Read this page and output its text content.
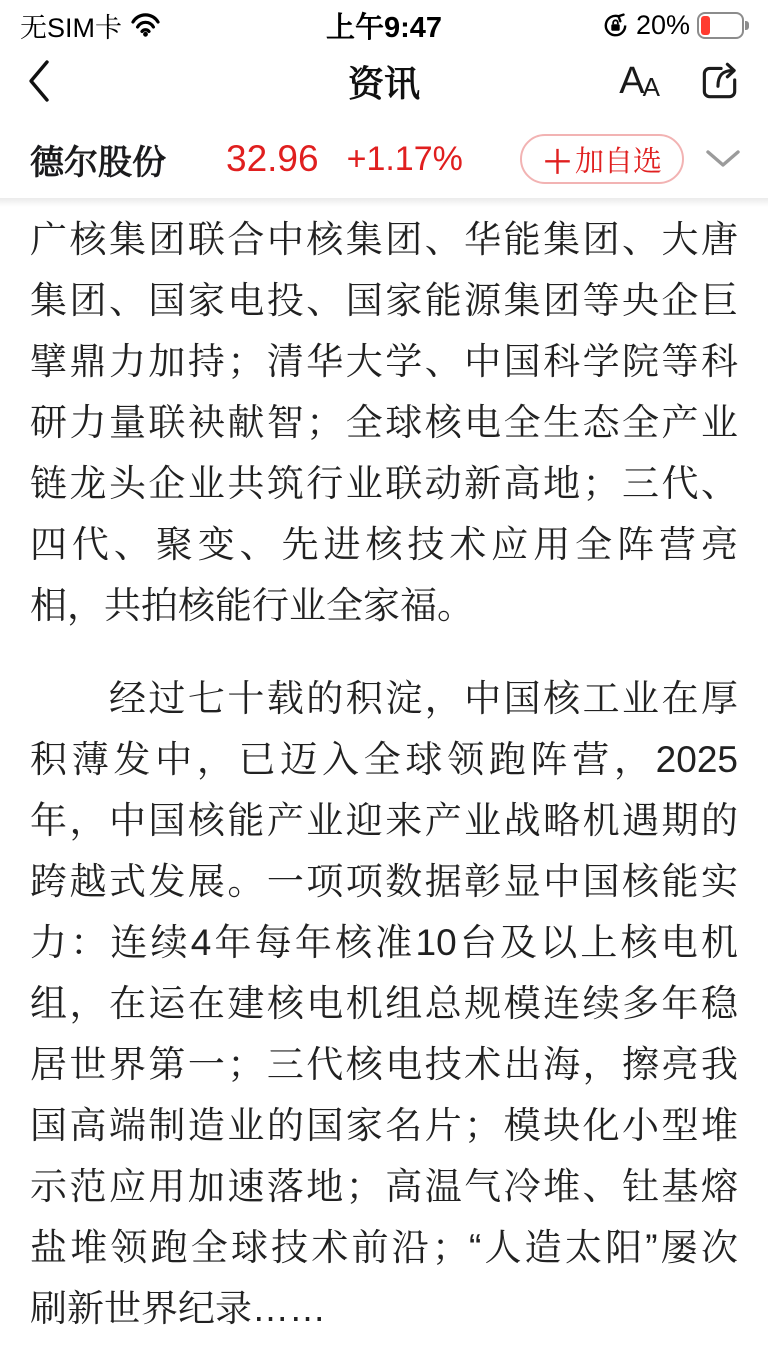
无SIM卡	上午9:47	20%
资讯	A
A
德尔股份 32.96 +1.17%	＋ 加自选
广核集团联合中核集团、华能集团、大唐
集团、国家电投、国家能源集团等央企巨
擘鼎力加持；清华大学、中国科学院等科
研力量联袂献智；全球核电全生态全产业
链龙头企业共筑行业联动新高地；三代、
四代、聚变、先进核技术应用全阵营亮
相，共拍核能行业全家福。
　　经过七十载的积淀，中国核工业在厚
积薄发中，已迈入全球领跑阵营，2025
年，中国核能产业迎来产业战略机遇期的
跨越式发展。一项项数据彰显中国核能实
力：连续4年每年核准10台及以上核电机
组，在运在建核电机组总规模连续多年稳
居世界第一；三代核电技术出海，擦亮我
国高端制造业的国家名片；模块化小型堆
示范应用加速落地；高温气冷堆、钍基熔
盐堆领跑全球技术前沿；“人造太阳”屡次
刷新世界纪录……
